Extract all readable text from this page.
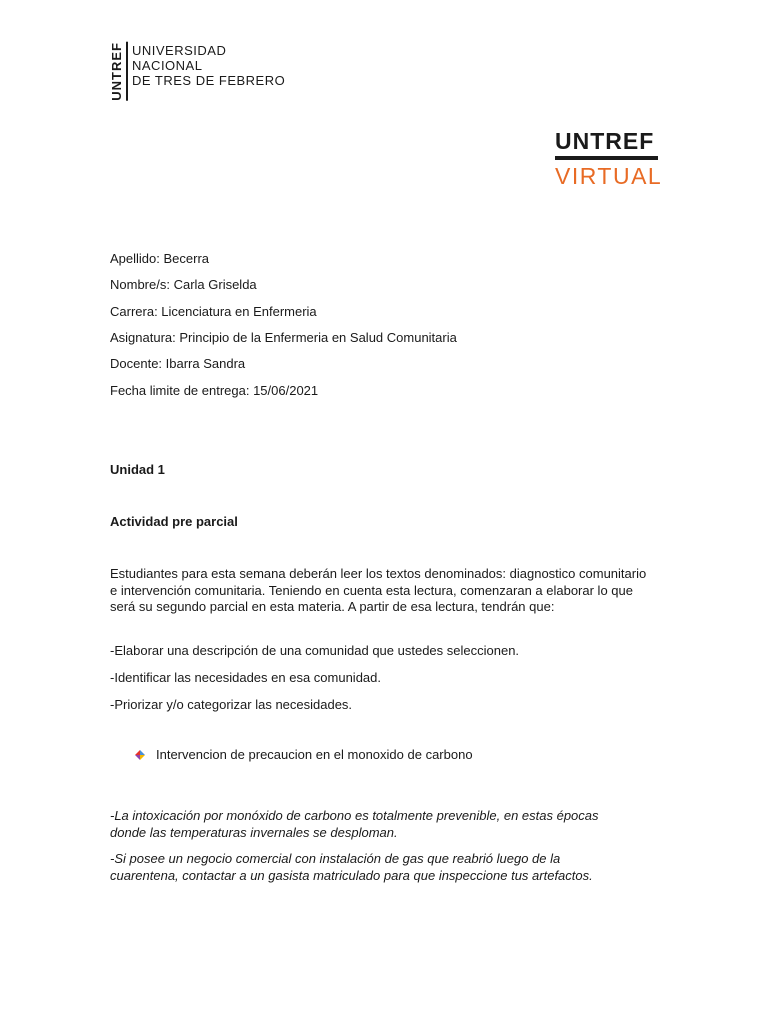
UNTREF UNIVERSIDAD
NACIONAL
DE TRES DE FEBRERO
UNTREF
VIRTUAL
Apellido: Becerra
Nombre/s: Carla Griselda
Carrera: Licenciatura en Enfermeria
Asignatura: Principio de la Enfermeria en Salud Comunitaria
Docente: Ibarra Sandra
Fecha limite de entrega: 15/06/2021
Unidad 1
Actividad pre parcial
Estudiantes para esta semana deberán leer los textos denominados: diagnostico comunitario e intervención comunitaria. Teniendo en cuenta esta lectura, comenzaran a elaborar lo que será su segundo parcial en esta materia. A partir de esa lectura, tendrán que:
-Elaborar una descripción de una comunidad que ustedes seleccionen.
-Identificar las necesidades en esa comunidad.
-Priorizar y/o categorizar las necesidades.
Intervencion de precaucion en el monoxido de carbono
-La intoxicación por monóxido de carbono es totalmente prevenible, en estas épocas donde las temperaturas invernales se desploman.
-Si posee un negocio comercial con instalación de gas que reabrió luego de la cuarentena, contactar a un gasista matriculado para que inspeccione tus artefactos.
